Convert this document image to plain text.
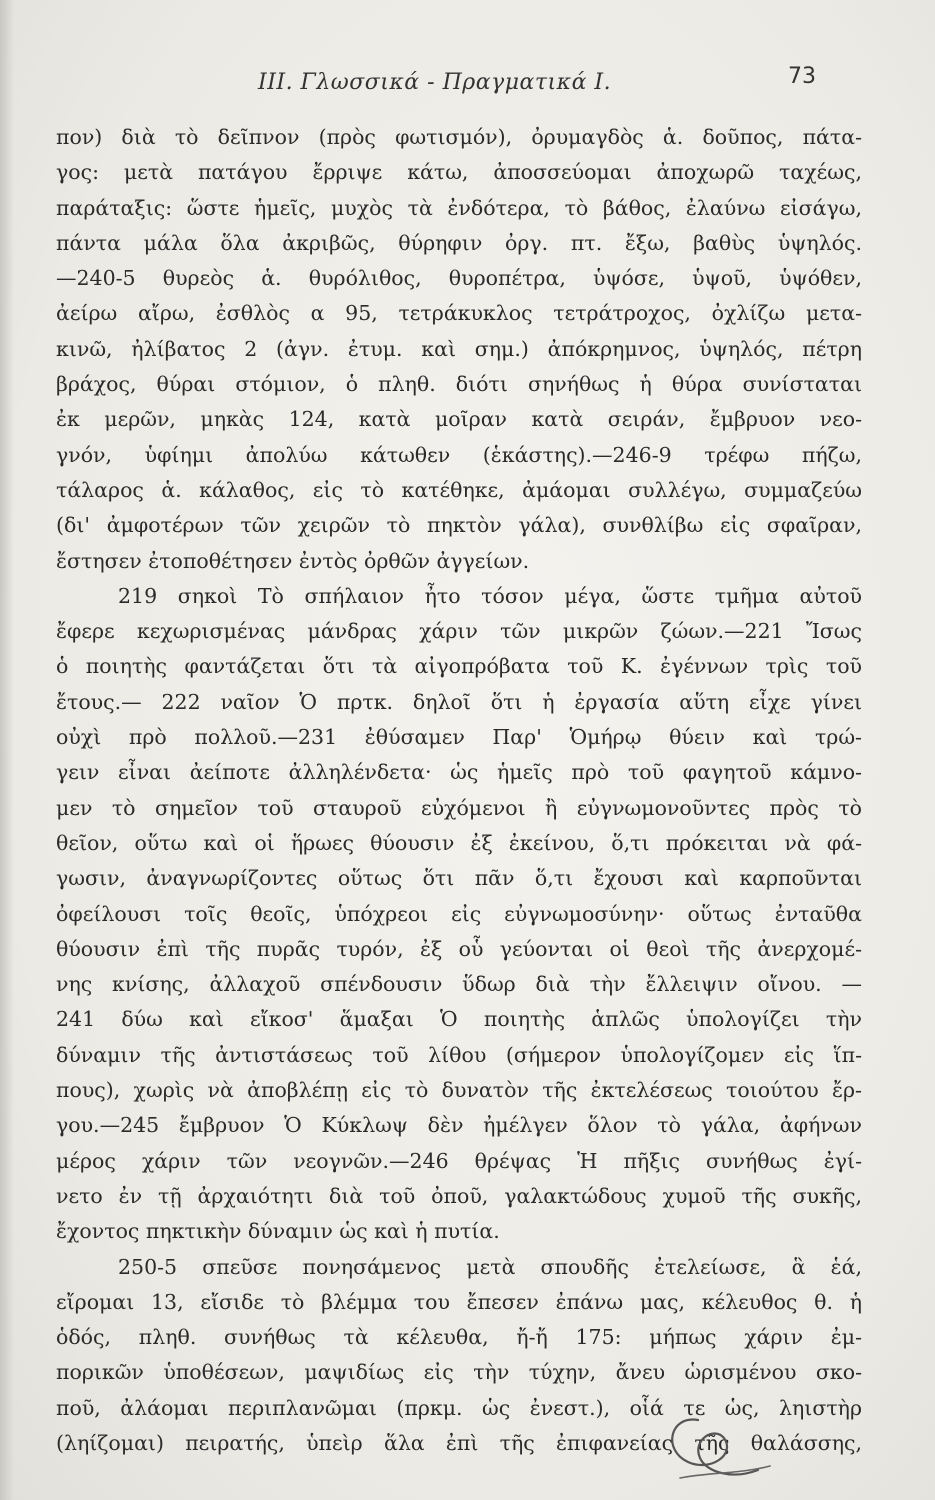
III. Γλωσσικά - Πραγματικά I.	73
πον) διὰ τὸ δεῖπνον (πρὸς φωτισμόν), ὀρυμαγδὸς ἁ. δοῦπος, πάτα-
γος: μετὰ πατάγου ἔρριψε κάτω, ἀποσσεύομαι ἀποχωρῶ ταχέως,
παράταξις: ὥστε ἡμεῖς, μυχὸς τὰ ἐνδότερα, τὸ βάθος, ἐλαύνω εἰσάγω,
πάντα μάλα ὅλα ἀκριβῶς, θύρηφιν ὀργ. πτ. ἔξω, βαθὺς ὑψηλός.
—240-5 θυρεὸς ἁ. θυρόλιθος, θυροπέτρα, ὑψόσε, ὑψοῦ, ὑψόθεν,
ἀείρω αἴρω, ἐσθλὸς α 95, τετράκυκλος τετράτροχος, ὀχλίζω μετα-
κινῶ, ἠλίβατος 2 (ἀγν. ἐτυμ. καὶ σημ.) ἀπόκρημνος, ὑψηλός, πέτρη
βράχος, θύραι στόμιον, ὁ πληθ. διότι σηνήθως ἡ θύρα συνίσταται
ἐκ μερῶν, μηκὰς 124, κατὰ μοῖραν κατὰ σειράν, ἔμβρυον νεο-
γνόν, ὑφίημι ἀπολύω κάτωθεν (ἑκάστης).—246-9 τρέφω πήζω,
τάλαρος ἁ. κάλαθος, εἰς τὸ κατέθηκε, ἀμάομαι συλλέγω, συμμαζεύω
(δι' ἀμφοτέρων τῶν χειρῶν τὸ πηκτὸν γάλα), συνθλίβω εἰς σφαῖραν,
ἔστησεν ἐτοποθέτησεν ἐντὸς ὀρθῶν ἀγγείων.
219 σηκοὶ Τὸ σπήλαιον ἦτο τόσον μέγα, ὥστε τμῆμα αὐτοῦ
ἔφερε κεχωρισμένας μάνδρας χάριν τῶν μικρῶν ζώων.—221 Ἴσως
ὁ ποιητὴς φαντάζεται ὅτι τὰ αἰγοπρόβατα τοῦ Κ. ἐγέννων τρὶς τοῦ
ἔτους.— 222 ναῖον Ὁ πρτκ. δηλοῖ ὅτι ἡ ἐργασία αὕτη εἶχε γίνει
οὐχὶ πρὸ πολλοῦ.—231 ἐθύσαμεν Παρ' Ὁμήρῳ θύειν καὶ τρώ-
γειν εἶναι ἀείποτε ἀλληλένδετα· ὡς ἡμεῖς πρὸ τοῦ φαγητοῦ κάμνο-
μεν τὸ σημεῖον τοῦ σταυροῦ εὐχόμενοι ἢ εὐγνωμονοῦντες πρὸς τὸ
θεῖον, οὕτω καὶ οἱ ἥρωες θύουσιν ἐξ ἐκείνου, ὅ,τι πρόκειται νὰ φά-
γωσιν, ἀναγνωρίζοντες οὕτως ὅτι πᾶν ὅ,τι ἔχουσι καὶ καρποῦνται
ὀφείλουσι τοῖς θεοῖς, ὑπόχρεοι εἰς εὐγνωμοσύνην· οὕτως ἐνταῦθα
θύουσιν ἐπὶ τῆς πυρᾶς τυρόν, ἐξ οὗ γεύονται οἱ θεοὶ τῆς ἀνερχομέ-
νης κνίσης, ἀλλαχοῦ σπένδουσιν ὕδωρ διὰ τὴν ἔλλειψιν οἴνου. —
241 δύω καὶ εἴκοσ' ἅμαξαι Ὁ ποιητὴς ἁπλῶς ὑπολογίζει τὴν
δύναμιν τῆς ἀντιστάσεως τοῦ λίθου (σήμερον ὑπολογίζομεν εἰς ἵπ-
πους), χωρὶς νὰ ἀποβλέπῃ εἰς τὸ δυνατὸν τῆς ἐκτελέσεως τοιούτου ἔρ-
γου.—245 ἔμβρυον Ὁ Κύκλωψ δὲν ἠμέλγεν ὅλον τὸ γάλα, ἀφήνων
μέρος χάριν τῶν νεογνῶν.—246 θρέψας Ἡ πῆξις συνήθως ἐγί-
νετο ἐν τῇ ἀρχαιότητι διὰ τοῦ ὀποῦ, γαλακτώδους χυμοῦ τῆς συκῆς,
ἔχοντος πηκτικὴν δύναμιν ὡς καὶ ἡ πυτία.
250-5 σπεῦσε πονησάμενος μετὰ σπουδῆς ἐτελείωσε, ἃ ἑά,
εἴρομαι 13, εἴσιδε τὸ βλέμμα του ἔπεσεν ἐπάνω μας, κέλευθος θ. ἡ
ὁδός, πληθ. συνήθως τὰ κέλευθα, ἤ-ἤ 175: μήπως χάριν ἐμ-
πορικῶν ὑποθέσεων, μαψιδίως εἰς τὴν τύχην, ἄνευ ὡρισμένου σκο-
ποῦ, ἀλάομαι περιπλανῶμαι (πρκμ. ὡς ἐνεστ.), οἷά τε ὡς, ληιστὴρ
(ληίζομαι) πειρατής, ὑπεὶρ ἅλα ἐπὶ τῆς ἐπιφανείας τῆς θαλάσσης,
